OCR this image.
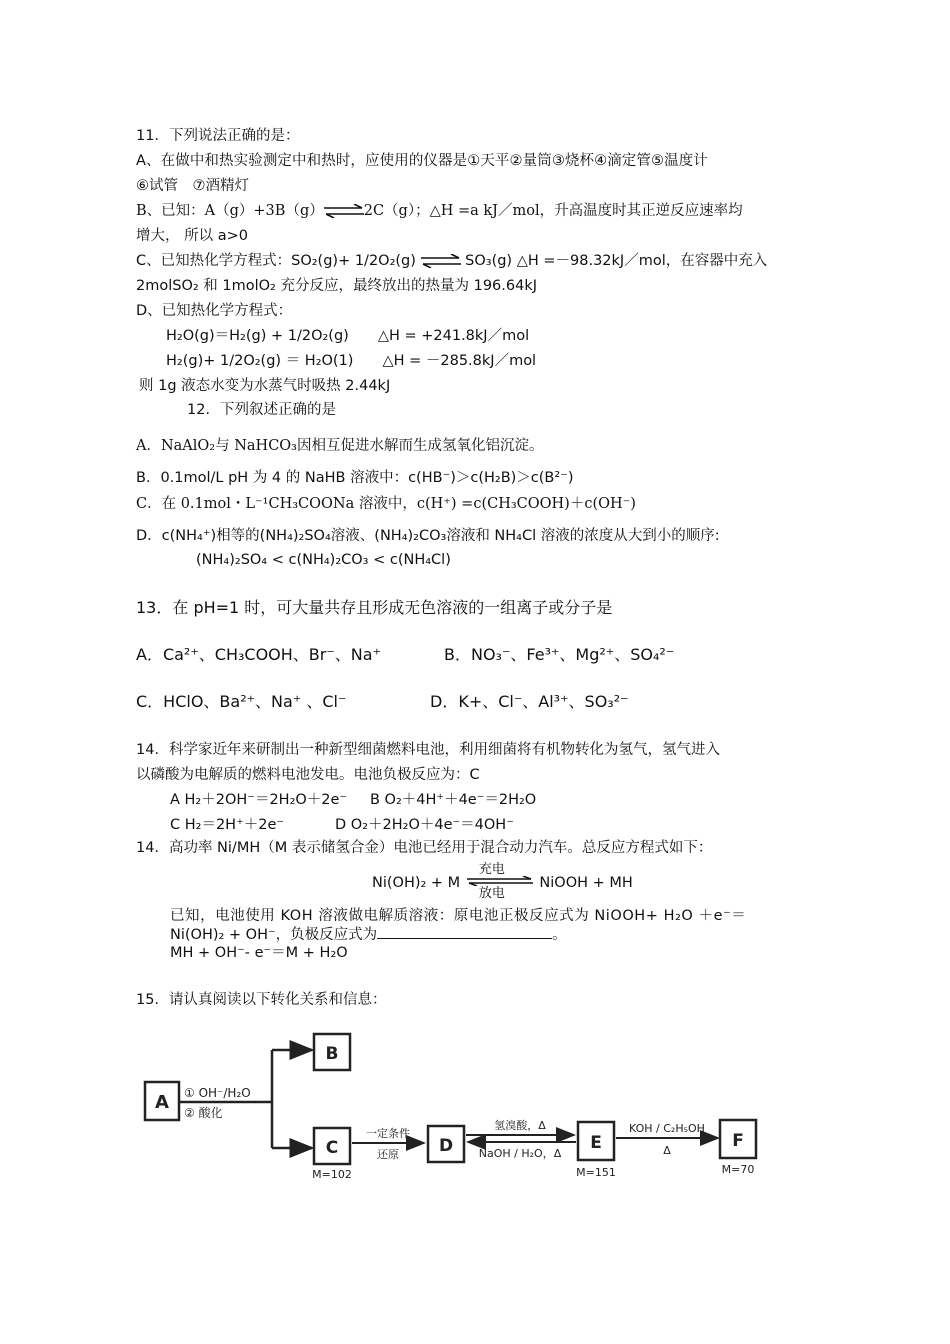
11．下列说法正确的是：
A、在做中和热实验测定中和热时，应使用的仪器是①天平②量筒③烧杯④滴定管⑤温度计
⑥试管　⑦酒精灯
B、已知：A（g）+3B（g）⇌2C（g）；△H =a kJ／mol，升高温度时其正逆反应速率均
增大， 所以 a>0
C、已知热化学方程式：SO₂(g)+ 1/2O₂(g) ⇌ SO₃(g) △H =－98.32kJ／mol，在容器中充入
2molSO₂ 和 1molO₂ 充分反应，最终放出的热量为 196.64kJ
D、已知热化学方程式：
H₂O(g)＝H₂(g) + 1/2O₂(g)　　△H = +241.8kJ／mol
H₂(g)+ 1/2O₂(g) ＝ H₂O(1)　　△H = －285.8kJ／mol
则 1g 液态水变为水蒸气时吸热 2.44kJ
12．下列叙述正确的是
A．NaAlO₂与 NaHCO₃因相互促进水解而生成氢氧化铝沉淀。
B．0.1mol/L pH 为 4 的 NaHB 溶液中：c(HB⁻)＞c(H₂B)＞c(B²⁻)
C．在 0.1mol・L⁻¹CH₃COONa 溶液中，c(H⁺) =c(CH₃COOH)＋c(OH⁻)
D．c(NH₄⁺)相等的(NH₄)₂SO₄溶液、(NH₄)₂CO₃溶液和 NH₄Cl 溶液的浓度从大到小的顺序:
(NH₄)₂SO₄ < c(NH₄)₂CO₃ < c(NH₄Cl)
13．在 pH=1 时，可大量共存且形成无色溶液的一组离子或分子是
A．Ca²⁺、CH₃COOH、Br⁻、Na⁺	B．NO₃⁻、Fe³⁺、Mg²⁺、SO₄²⁻
C．HClO、Ba²⁺、Na⁺ 、Cl⁻	D．K+、Cl⁻、Al³⁺、SO₃²⁻
14．科学家近年来研制出一种新型细菌燃料电池，利用细菌将有机物转化为氢气，氢气进入
以磷酸为电解质的燃料电池发电。电池负极反应为：C
A H₂＋2OH⁻＝2H₂O＋2e⁻ B O₂＋4H⁺＋4e⁻＝2H₂O
C H₂＝2H⁺＋2e⁻	D O₂＋2H₂O＋4e⁻＝4OH⁻
14．高功率 Ni/MH（M 表示储氢合金）电池已经用于混合动力汽车。总反应方程式如下：
Ni(OH)₂ + M
充电
放电
NiOOH + MH
已知，电池使用 KOH 溶液做电解质溶液：原电池正极反应式为 NiOOH+ H₂O ＋e⁻＝
Ni(OH)₂ + OH⁻，负极反应式为	。
MH + OH⁻- e⁻＝M + H₂O
15．请认真阅读以下转化关系和信息：
A ① OH⁻/H₂O
② 酸化
B
C
M=102
一定条件
还原 D
氢溴酸，Δ
NaOH / H₂O，Δ
E
M=151
KOH / C₂H₅OH
Δ	F
M=70
